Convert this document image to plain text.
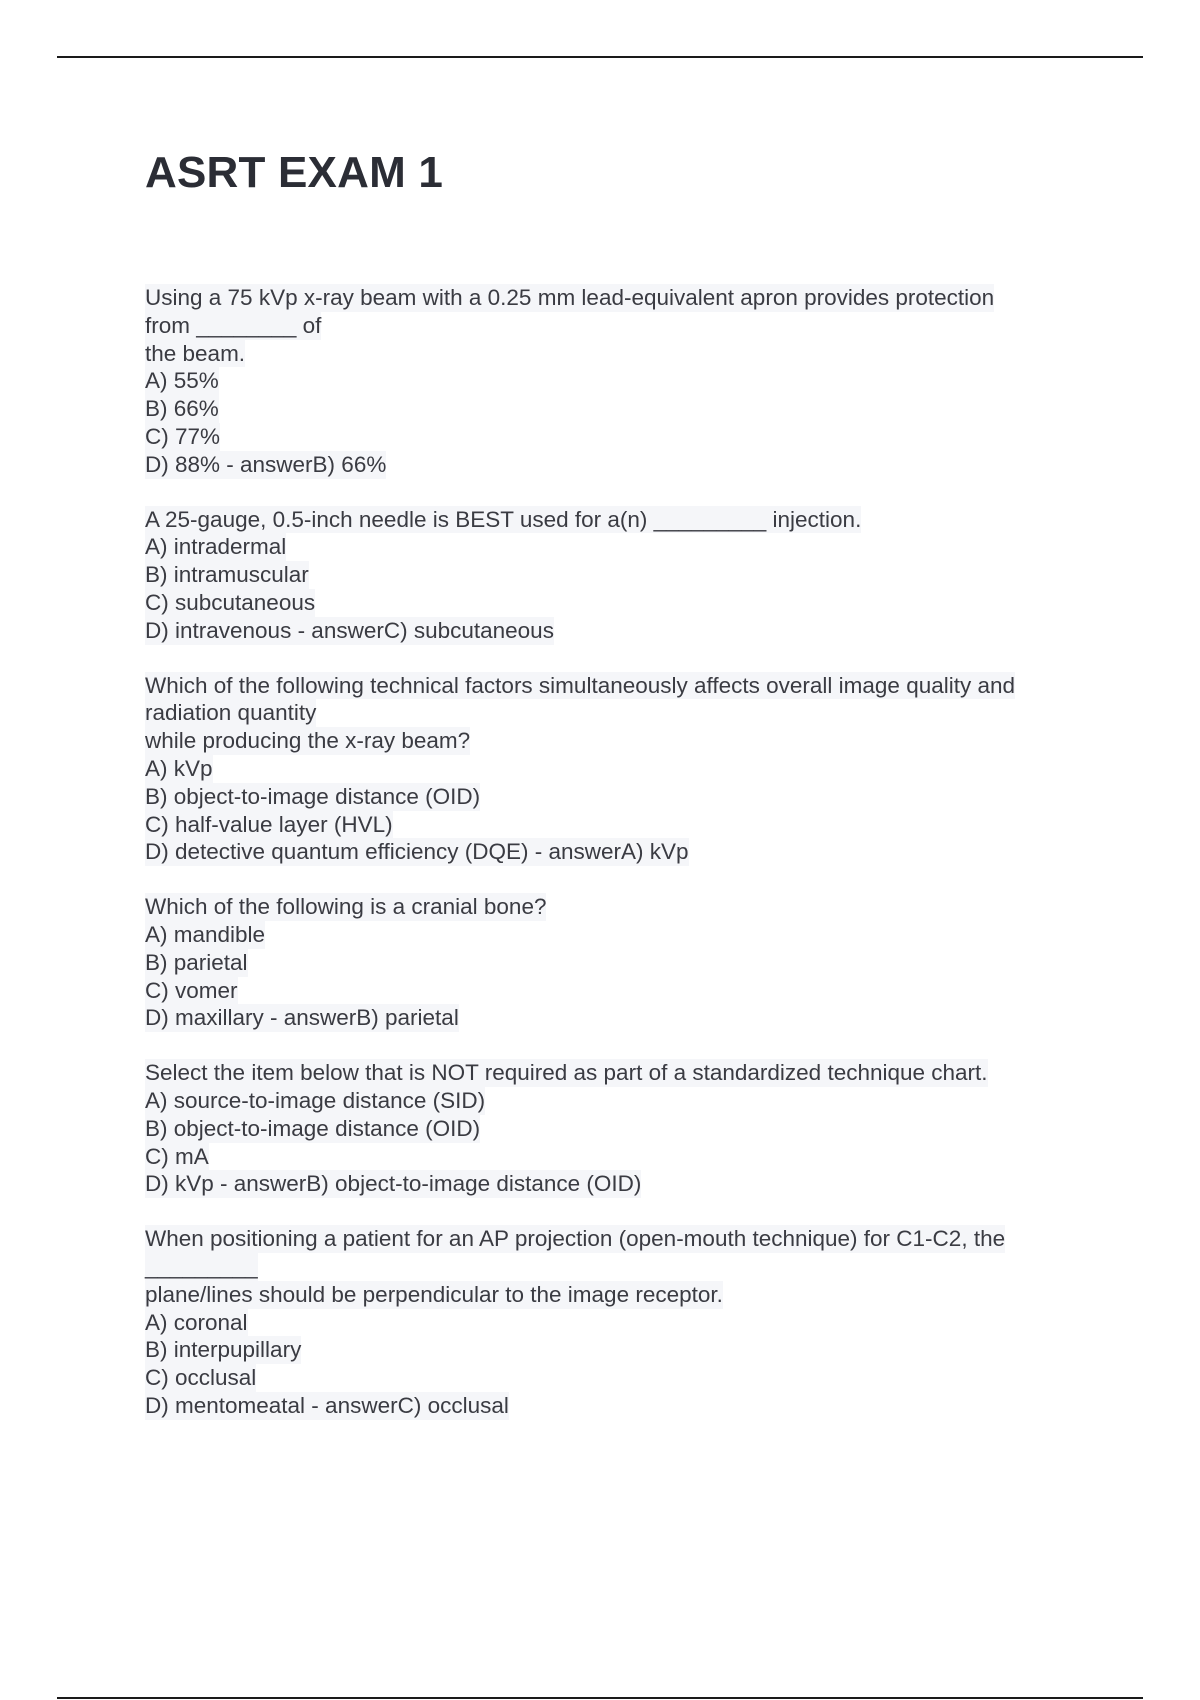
ASRT EXAM 1
Using a 75 kVp x-ray beam with a 0.25 mm lead-equivalent apron provides protection
from ________ of
the beam.
A) 55%
B) 66%
C) 77%
D) 88% - answerB) 66%
A 25-gauge, 0.5-inch needle is BEST used for a(n) _________ injection.
A) intradermal
B) intramuscular
C) subcutaneous
D) intravenous - answerC) subcutaneous
Which of the following technical factors simultaneously affects overall image quality and
radiation quantity
while producing the x-ray beam?
A) kVp
B) object-to-image distance (OID)
C) half-value layer (HVL)
D) detective quantum efficiency (DQE) - answerA) kVp
Which of the following is a cranial bone?
A) mandible
B) parietal
C) vomer
D) maxillary - answerB) parietal
Select the item below that is NOT required as part of a standardized technique chart.
A) source-to-image distance (SID)
B) object-to-image distance (OID)
C) mA
D) kVp - answerB) object-to-image distance (OID)
When positioning a patient for an AP projection (open-mouth technique) for C1-C2, the
_________
plane/lines should be perpendicular to the image receptor.
A) coronal
B) interpupillary
C) occlusal
D) mentomeatal - answerC) occlusal
